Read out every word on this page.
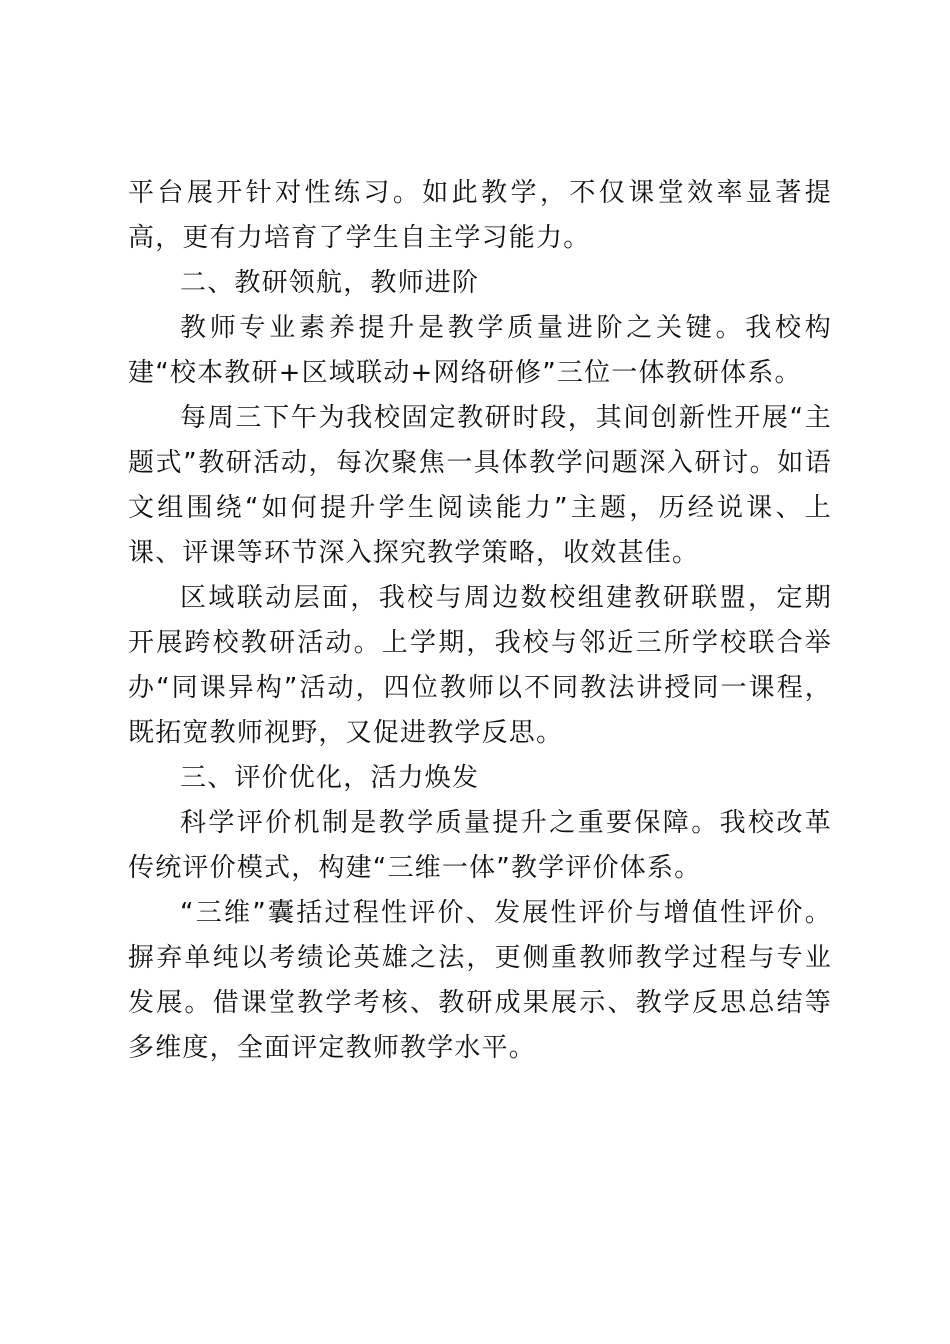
平台展开针对性练习。如此教学，不仅课堂效率显著提高，更有力培育了学生自主学习能力。

二、教研领航，教师进阶

教师专业素养提升是教学质量进阶之关键。我校构建“校本教研+区域联动+网络研修”三位一体教研体系。

每周三下午为我校固定教研时段，其间创新性开展“主题式”教研活动，每次聚焦一具体教学问题深入研讨。如语文组围绕“如何提升学生阅读能力”主题，历经说课、上课、评课等环节深入探究教学策略，收效甚佳。

区域联动层面，我校与周边数校组建教研联盟，定期开展跨校教研活动。上学期，我校与邻近三所学校联合举办“同课异构”活动，四位教师以不同教法讲授同一课程，既拓宽教师视野，又促进教学反思。

三、评价优化，活力焕发

科学评价机制是教学质量提升之重要保障。我校改革传统评价模式，构建“三维一体”教学评价体系。

“三维”囊括过程性评价、发展性评价与增值性评价。摒弃单纯以考绩论英雄之法，更侧重教师教学过程与专业发展。借课堂教学考核、教研成果展示、教学反思总结等多维度，全面评定教师教学水平。
